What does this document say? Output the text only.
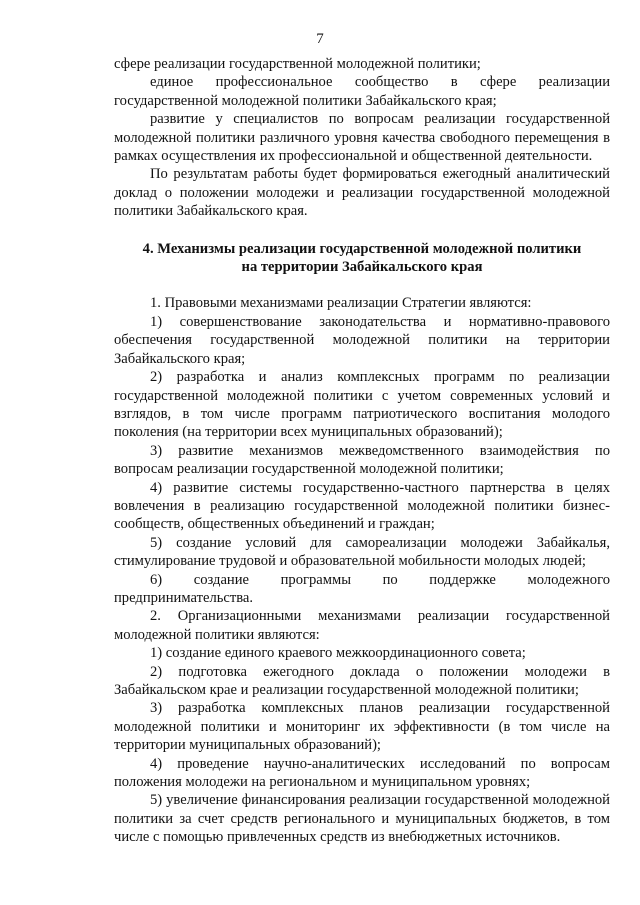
7

сфере реализации государственной молодежной политики;

единое профессиональное сообщество в сфере реализации государственной молодежной политики Забайкальского края;

развитие у специалистов по вопросам реализации государственной молодежной политики различного уровня качества свободного перемещения в рамках осуществления их профессиональной и общественной деятельности.

По результатам работы будет формироваться ежегодный аналитический доклад о положении молодежи и реализации государственной молодежной политики Забайкальского края.

4. Механизмы реализации государственной молодежной политики
на территории Забайкальского края

1. Правовыми механизмами реализации Стратегии являются:

1) совершенствование законодательства и нормативно-правового обеспечения государственной молодежной политики на территории Забайкальского края;

2) разработка и анализ комплексных программ по реализации государственной молодежной политики с учетом современных условий и взглядов, в том числе программ патриотического воспитания молодого поколения (на территории всех муниципальных образований);

3) развитие механизмов межведомственного взаимодействия по вопросам реализации государственной молодежной политики;

4) развитие системы государственно-частного партнерства в целях вовлечения в реализацию государственной молодежной политики бизнес-сообществ, общественных объединений и граждан;

5) создание условий для самореализации молодежи Забайкалья, стимулирование трудовой и образовательной мобильности молодых людей;

6) создание программы по поддержке молодежного предпринимательства.

2. Организационными механизмами реализации государственной молодежной политики являются:

1) создание единого краевого межкоординационного совета;

2) подготовка ежегодного доклада о положении молодежи в Забайкальском крае и реализации государственной молодежной политики;

3) разработка комплексных планов реализации государственной молодежной политики и мониторинг их эффективности (в том числе на территории муниципальных образований);

4) проведение научно-аналитических исследований по вопросам положения молодежи на региональном и муниципальном уровнях;

5) увеличение финансирования реализации государственной молодежной политики за счет средств регионального и муниципальных бюджетов, в том числе с помощью привлеченных средств из внебюджетных источников.
